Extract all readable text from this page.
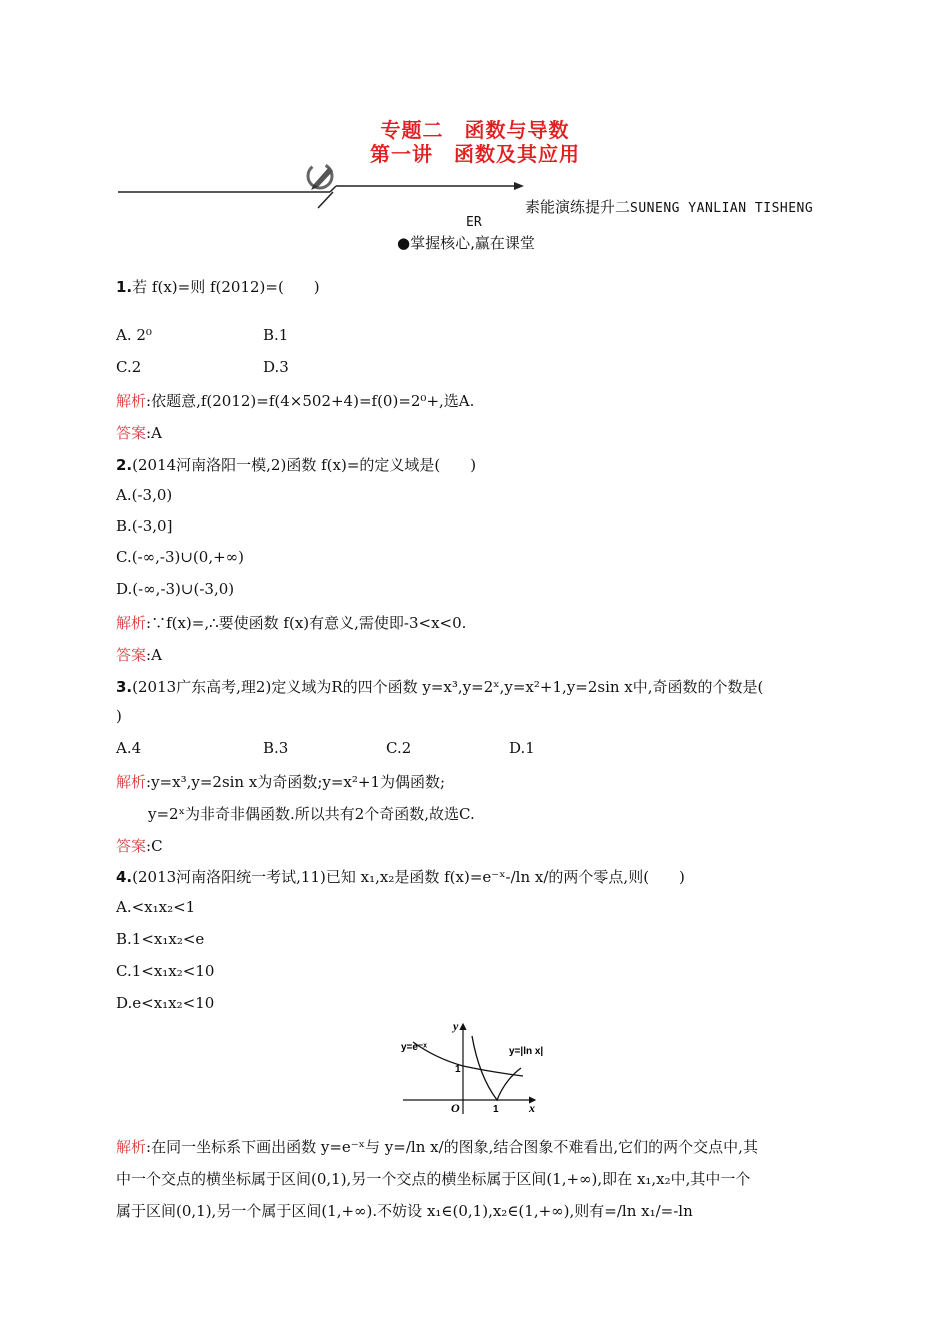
专题二　函数与导数
第一讲　函数及其应用
素能演练提升二SUNENG YANLIAN TISHENG
ER
●掌握核心,赢在课堂
1.若 f(x)=则 f(2012)=(　　)
A. 2⁰	B.1
C.2	D.3
解析:依题意,f(2012)=f(4×502+4)=f(0)=2⁰+,选A.
答案:A
2.(2014河南洛阳一模,2)函数 f(x)=的定义域是(　　)
A.(-3,0)
B.(-3,0]
C.(-∞,-3)∪(0,+∞)
D.(-∞,-3)∪(-3,0)
解析:∵f(x)=,∴要使函数 f(x)有意义,需使即-3<x<0.
答案:A
3.(2013广东高考,理2)定义域为R的四个函数 y=x³,y=2ˣ,y=x²+1,y=2sin x中,奇函数的个数是(
)
A.4	B.3	C.2	D.1
解析:y=x³,y=2sin x为奇函数;y=x²+1为偶函数;
y=2ˣ为非奇非偶函数.所以共有2个奇函数,故选C.
答案:C
4.(2013河南洛阳统一考试,11)已知 x₁,x₂是函数 f(x)=e⁻ˣ-/ln x/的两个零点,则(　　)
A.<x₁x₂<1
B.1<x₁x₂<e
C.1<x₁x₂<10
D.e<x₁x₂<10
y=e⁻ˣ	y=|ln x|
y
x
O	1
1
解析:在同一坐标系下画出函数 y=e⁻ˣ与 y=/ln x/的图象,结合图象不难看出,它们的两个交点中,其
中一个交点的横坐标属于区间(0,1),另一个交点的横坐标属于区间(1,+∞),即在 x₁,x₂中,其中一个
属于区间(0,1),另一个属于区间(1,+∞).不妨设 x₁∈(0,1),x₂∈(1,+∞),则有=/ln x₁/=-ln
